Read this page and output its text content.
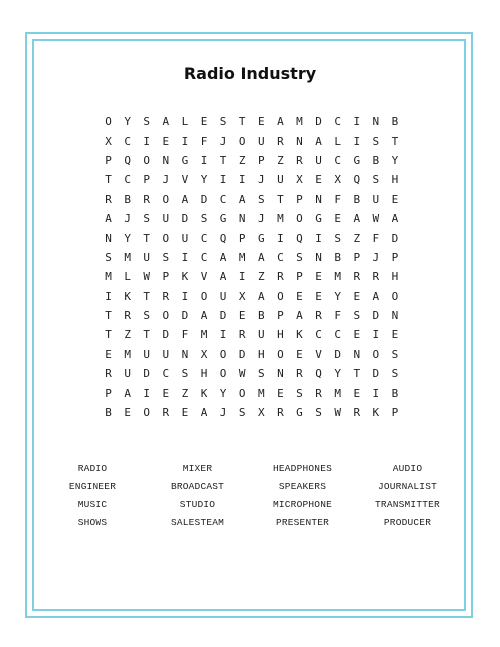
Radio Industry
O	Y	S	A	L	E	S	T	E	A	M	D	C	I	N	B
X	C	I	E	I	F	J	O	U	R	N	A	L	I	S	T
P	Q	O	N	G	I	T	Z	P	Z	R	U	C	G	B	Y
T	C	P	J	V	Y	I	I	J	U	X	E	X	Q	S	H
R	B	R	O	A	D	C	A	S	T	P	N	F	B	U	E
A	J	S	U	D	S	G	N	J	M	O	G	E	A	W	A
N	Y	T	O	U	C	Q	P	G	I	Q	I	S	Z	F	D
S	M	U	S	I	C	A	M	A	C	S	N	B	P	J	P
M	L	W	P	K	V	A	I	Z	R	P	E	M	R	R	H
I	K	T	R	I	O	U	X	A	O	E	E	Y	E	A	O
T	R	S	O	D	A	D	E	B	P	A	R	F	S	D	N
T	Z	T	D	F	M	I	R	U	H	K	C	C	E	I	E
E	M	U	U	N	X	O	D	H	O	E	V	D	N	O	S
R	U	D	C	S	H	O	W	S	N	R	Q	Y	T	D	S
P	A	I	E	Z	K	Y	O	M	E	S	R	M	E	I	B
B	E	O	R	E	A	J	S	X	R	G	S	W	R	K	P
RADIO	MIXER	HEADPHONES	AUDIO
ENGINEER	BROADCAST	SPEAKERS	JOURNALIST
MUSIC	STUDIO	MICROPHONE	TRANSMITTER
SHOWS	SALESTEAM	PRESENTER	PRODUCER
